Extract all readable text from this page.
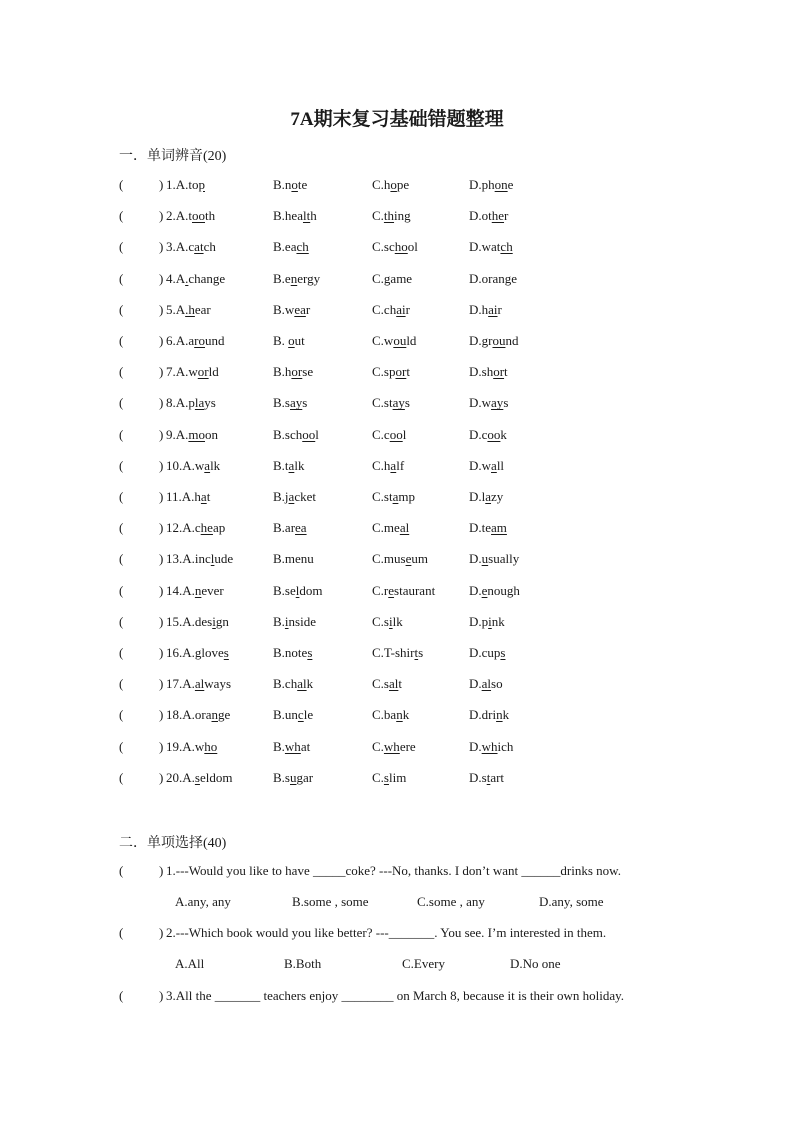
7A期末复习基础错题整理
一．单词辨音(20)
(	) 1.A.top	B.note	C.hope	D.phone
(	) 2.A.tooth	B.health	C.thing	D.other
(	) 3.A.catch	B.each	C.school	D.watch
(	) 4.A.change	B.energy	C.game	D.orange
(	) 5.A.hear	B.wear	C.chair	D.hair
(	) 6.A.around	B. out	C.would	D.ground
(	) 7.A.world	B.horse	C.sport	D.short
(	) 8.A.plays	B.says	C.stays	D.ways
(	) 9.A.moon	B.school	C.cool	D.cook
(	) 10.A.walk	B.talk	C.half	D.wall
(	) 11.A.hat	B.jacket	C.stamp	D.lazy
(	) 12.A.cheap	B.area	C.meal	D.team
(	) 13.A.include	B.menu	C.museum	D.usually
(	) 14.A.never	B.seldom	C.restaurant	D.enough
(	) 15.A.design	B.inside	C.silk	D.pink
(	) 16.A.gloves	B.notes	C.T-shirts	D.cups
(	) 17.A.always	B.chalk	C.salt	D.also
(	) 18.A.orange	B.uncle	C.bank	D.drink
(	) 19.A.who	B.what	C.where	D.which
(	) 20.A.seldom	B.sugar	C.slim	D.start
二．单项选择(40)
(	) 1.---Would you like to have _____coke? ---No, thanks. I don’t want ______drinks now.
A.any, any	B.some , some	C.some , any	D.any, some
(	) 2.---Which book would you like better? ---_______. You see. I’m interested in them.
A.All	B.Both	C.Every	D.No one
(	) 3.All the _______ teachers enjoy ________ on March 8, because it is their own holiday.
